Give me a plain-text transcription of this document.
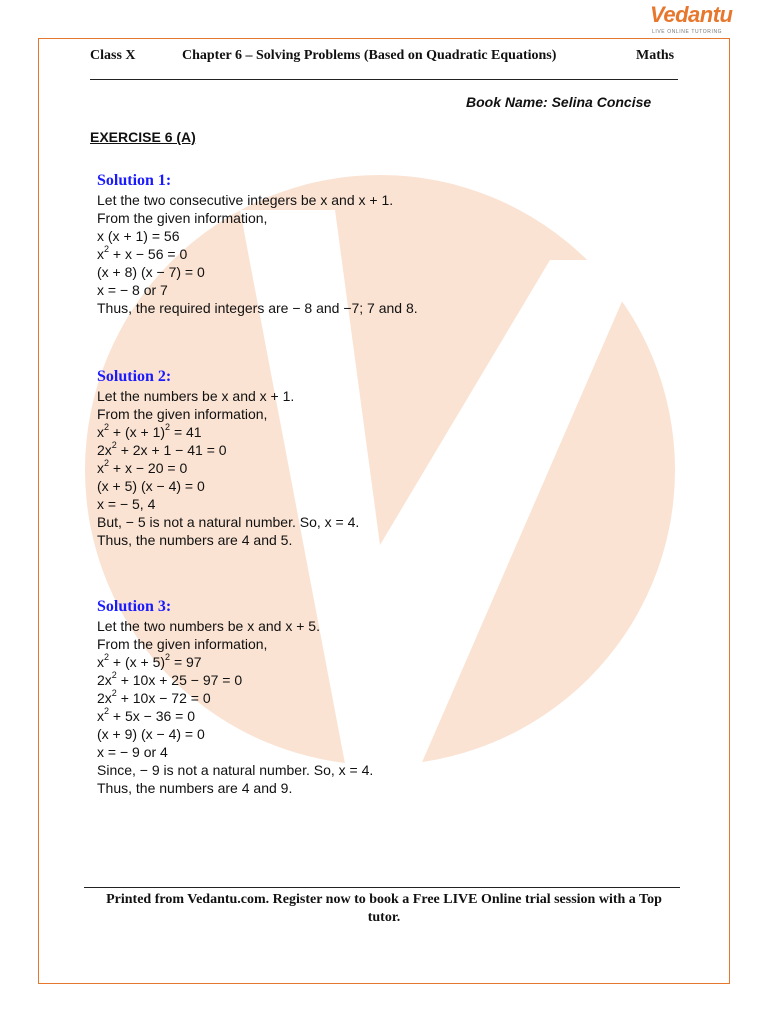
Vedantu
LIVE ONLINE TUTORING
Class X	Chapter 6 – Solving Problems (Based on Quadratic Equations)	Maths
Book Name: Selina Concise
EXERCISE 6 (A)
Solution 1:
Let the two consecutive integers be x and x + 1.
From the given information,
x (x + 1) = 56
$x^2 + x - 56 = 0$
(x + 8) (x − 7) = 0
x = − 8 or 7
Thus, the required integers are − 8 and −7; 7 and 8.
Solution 2:
Let the numbers be x and x + 1.
From the given information,
$x^2 + (x + 1)^2 = 41$
$2x^2 + 2x + 1 - 41 = 0$
$x^2 + x - 20 = 0$
(x + 5) (x − 4) = 0
x = − 5, 4
But, − 5 is not a natural number. So, x = 4.
Thus, the numbers are 4 and 5.
Solution 3:
Let the two numbers be x and x + 5.
From the given information,
$x^2 + (x + 5)^2 = 97$
$2x^2 + 10x + 25 - 97 = 0$
$2x^2 + 10x - 72 = 0$
$x^2 + 5x - 36 = 0$
(x + 9) (x − 4) = 0
x = − 9 or 4
Since, − 9 is not a natural number. So, x = 4.
Thus, the numbers are 4 and 9.
Printed from Vedantu.com. Register now to book a Free LIVE Online trial session with a Top tutor.
